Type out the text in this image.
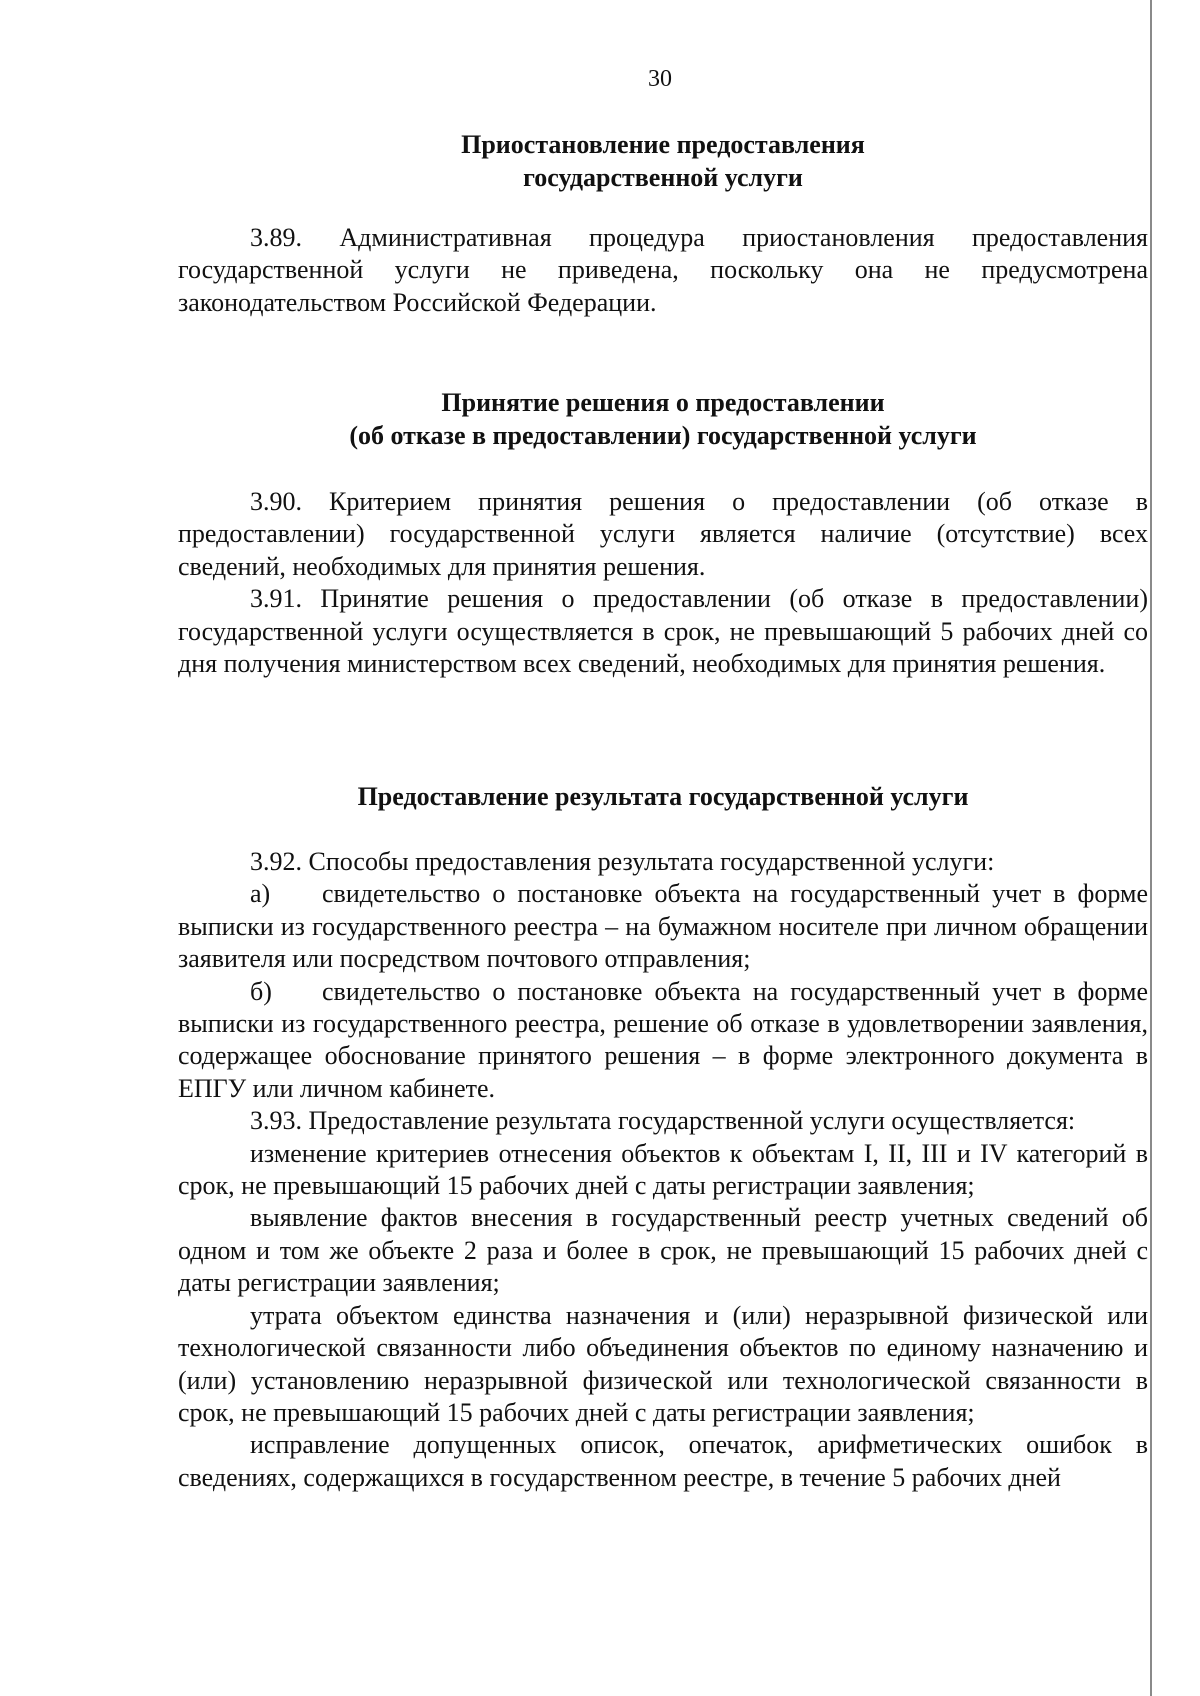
30
Приостановление предоставления
государственной услуги

3.89. Административная процедура приостановления предоставления государственной услуги не приведена, поскольку она не предусмотрена законодательством Российской Федерации.

Принятие решения о предоставлении
(об отказе в предоставлении) государственной услуги

3.90. Критерием принятия решения о предоставлении (об отказе в предоставлении) государственной услуги является наличие (отсутствие) всех сведений, необходимых для принятия решения.

3.91. Принятие решения о предоставлении (об отказе в предоставлении) государственной услуги осуществляется в срок, не превышающий 5 рабочих дней со дня получения министерством всех сведений, необходимых для принятия решения.

Предоставление результата государственной услуги

3.92. Способы предоставления результата государственной услуги:

а) свидетельство о постановке объекта на государственный учет в форме выписки из государственного реестра – на бумажном носителе при личном обращении заявителя или посредством почтового отправления;

б) свидетельство о постановке объекта на государственный учет в форме выписки из государственного реестра, решение об отказе в удовлетворении заявления, содержащее обоснование принятого решения – в форме электронного документа в ЕПГУ или личном кабинете.

3.93. Предоставление результата государственной услуги осуществляется:

изменение критериев отнесения объектов к объектам I, II, III и IV категорий в срок, не превышающий 15 рабочих дней с даты регистрации заявления;

выявление фактов внесения в государственный реестр учетных сведений об одном и том же объекте 2 раза и более в срок, не превышающий 15 рабочих дней с даты регистрации заявления;

утрата объектом единства назначения и (или) неразрывной физической или технологической связанности либо объединения объектов по единому назначению и (или) установлению неразрывной физической или технологической связанности в срок, не превышающий 15 рабочих дней с даты регистрации заявления;

исправление допущенных описок, опечаток, арифметических ошибок в сведениях, содержащихся в государственном реестре, в течение 5 рабочих дней
